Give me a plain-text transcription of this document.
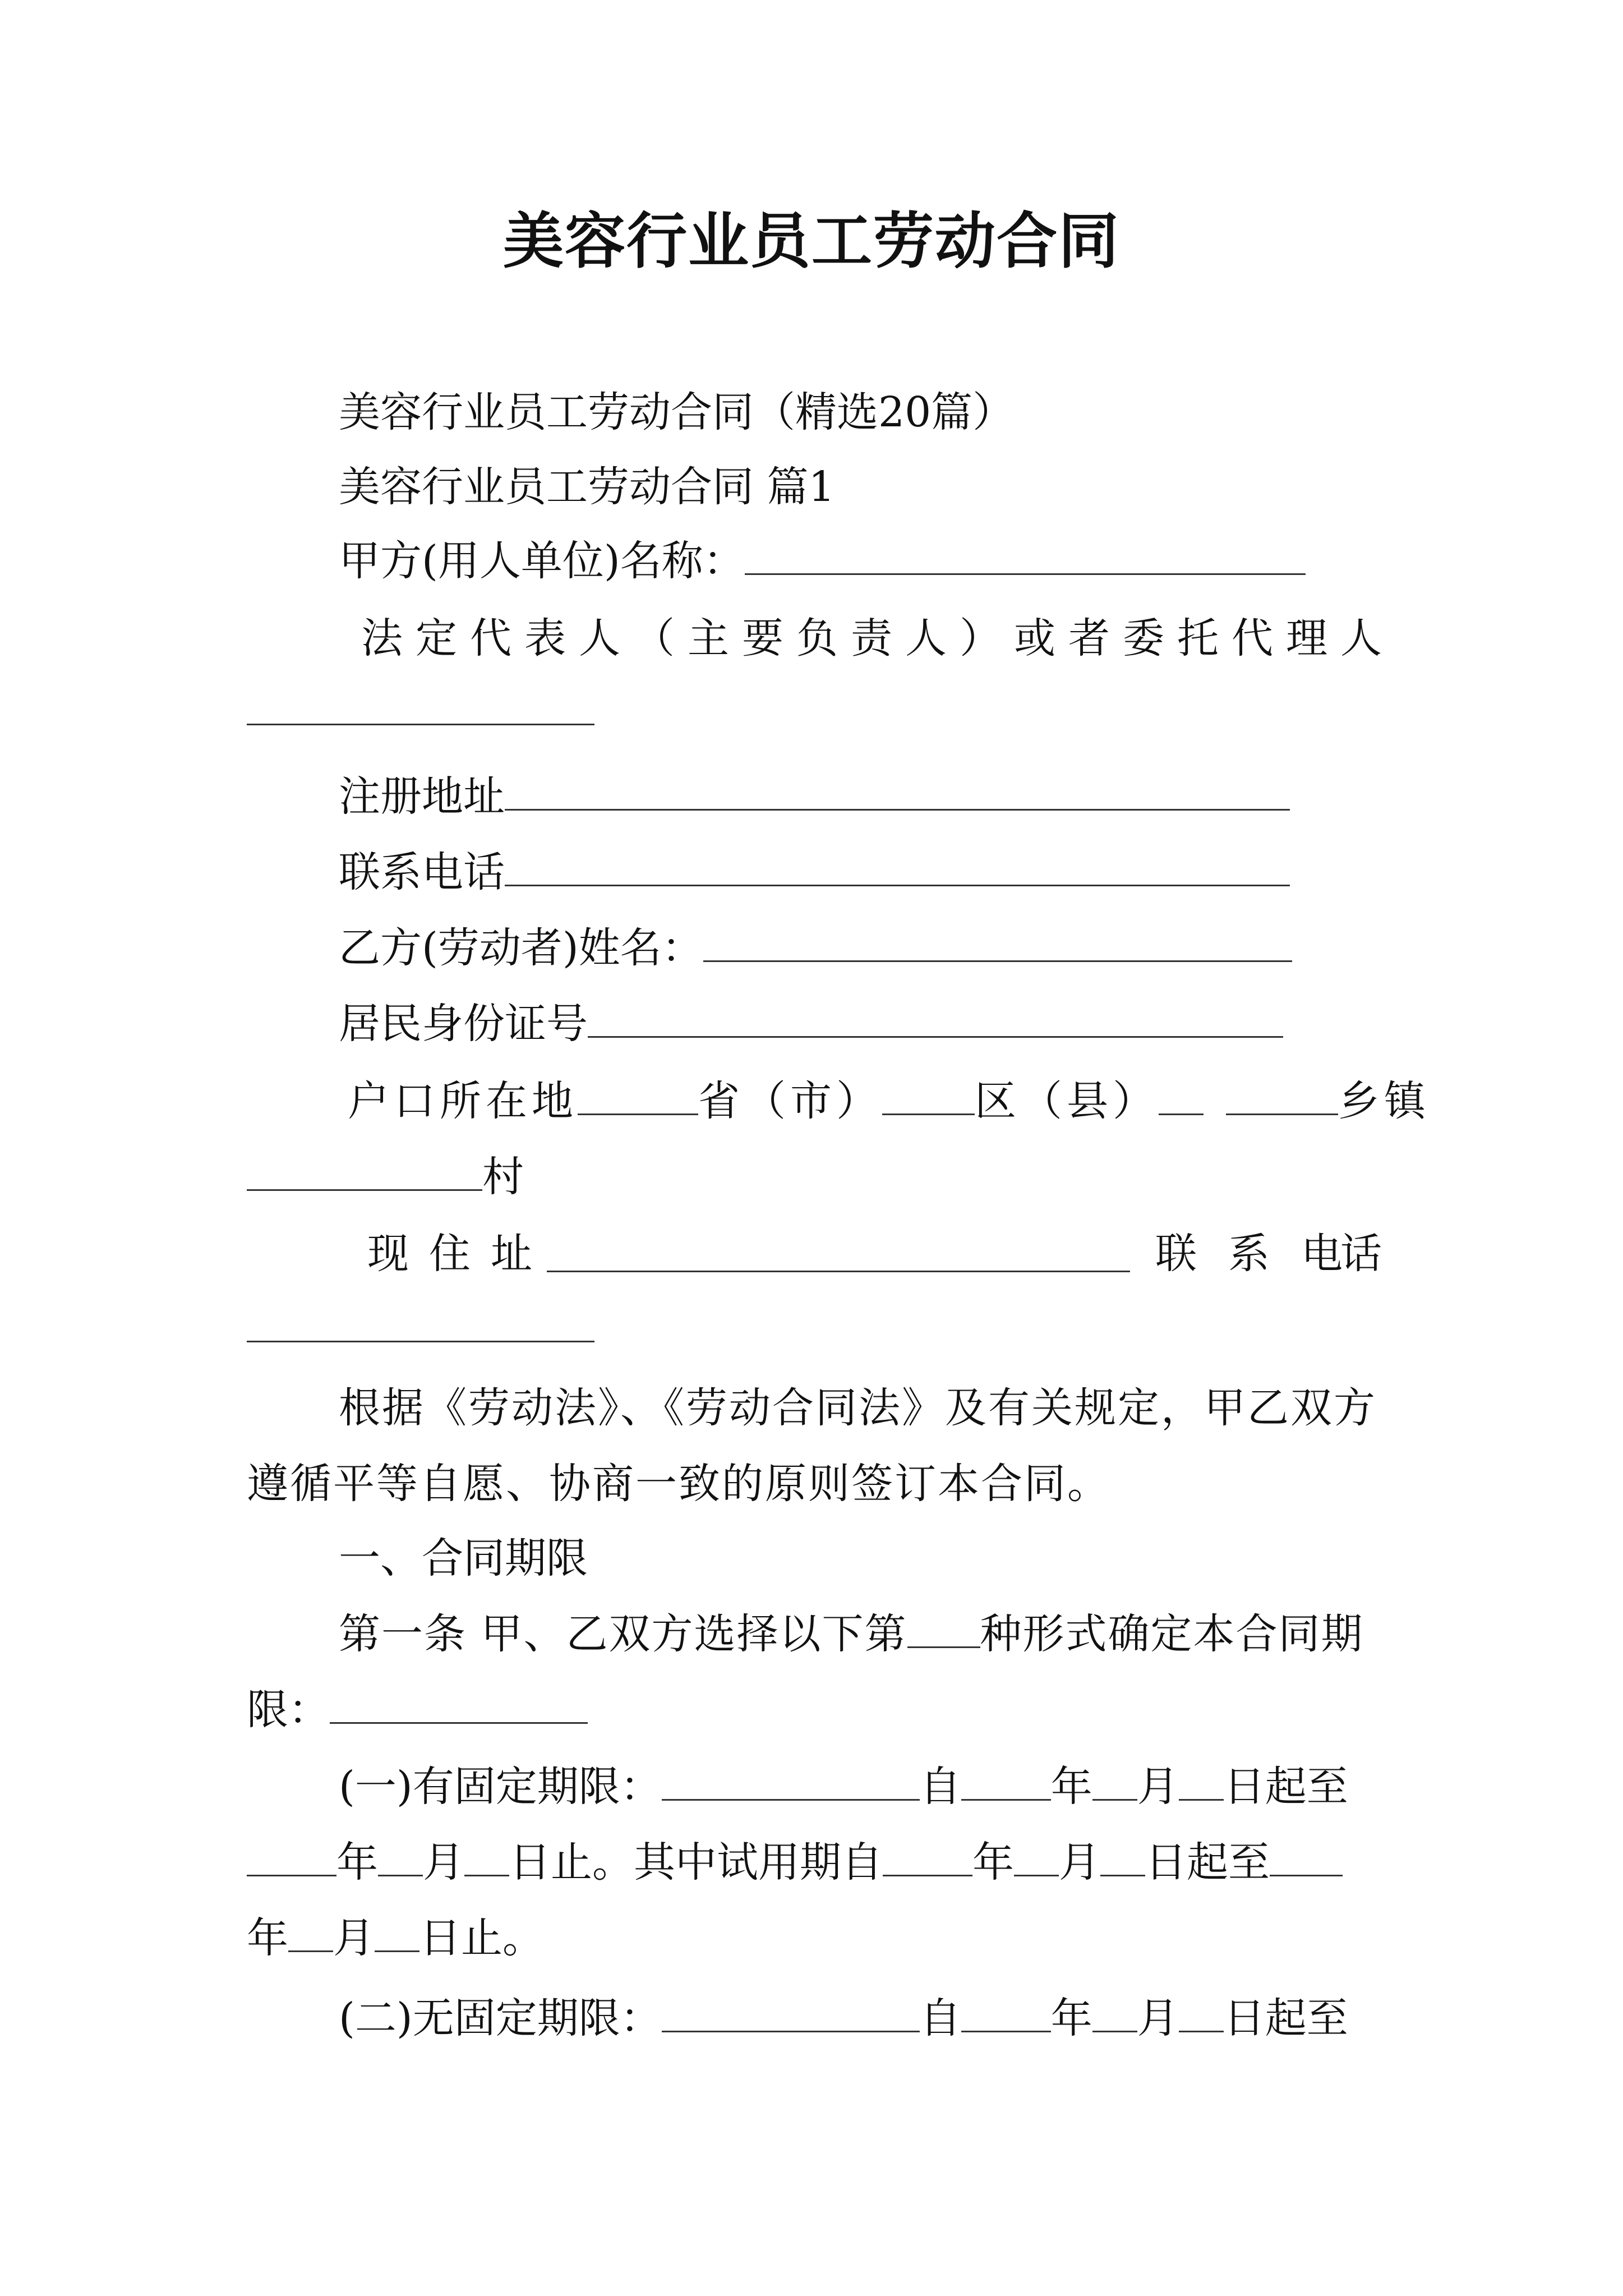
美容行业员工劳动合同
美容行业员工劳动合同（精选20篇）
美容行业员工劳动合同 篇1
甲方(用人单位)名称：
法 定 代 表 人 （ 主 要 负 责 人 ） 或 者 委 托 代 理 人
注册地址
联系电话
乙方(劳动者)姓名：
居民身份证号
户口所在地	省（市） 区（县）	乡镇
村
现 住 址	联 系 电
话
根据《劳动法》、《劳动合同法》及有关规定，甲乙双方
遵循平等自愿、协商一致的原则签订本合同。
一、合同期限
第一条 甲、乙双方选择以下第 种形式确定本合同期
限：
(一)有固定期限：	自 年 月 日起至
年 月 日止。其中试用期自 年 月 日起至
年 月 日止。
(二)无固定期限：	自 年 月 日起至
